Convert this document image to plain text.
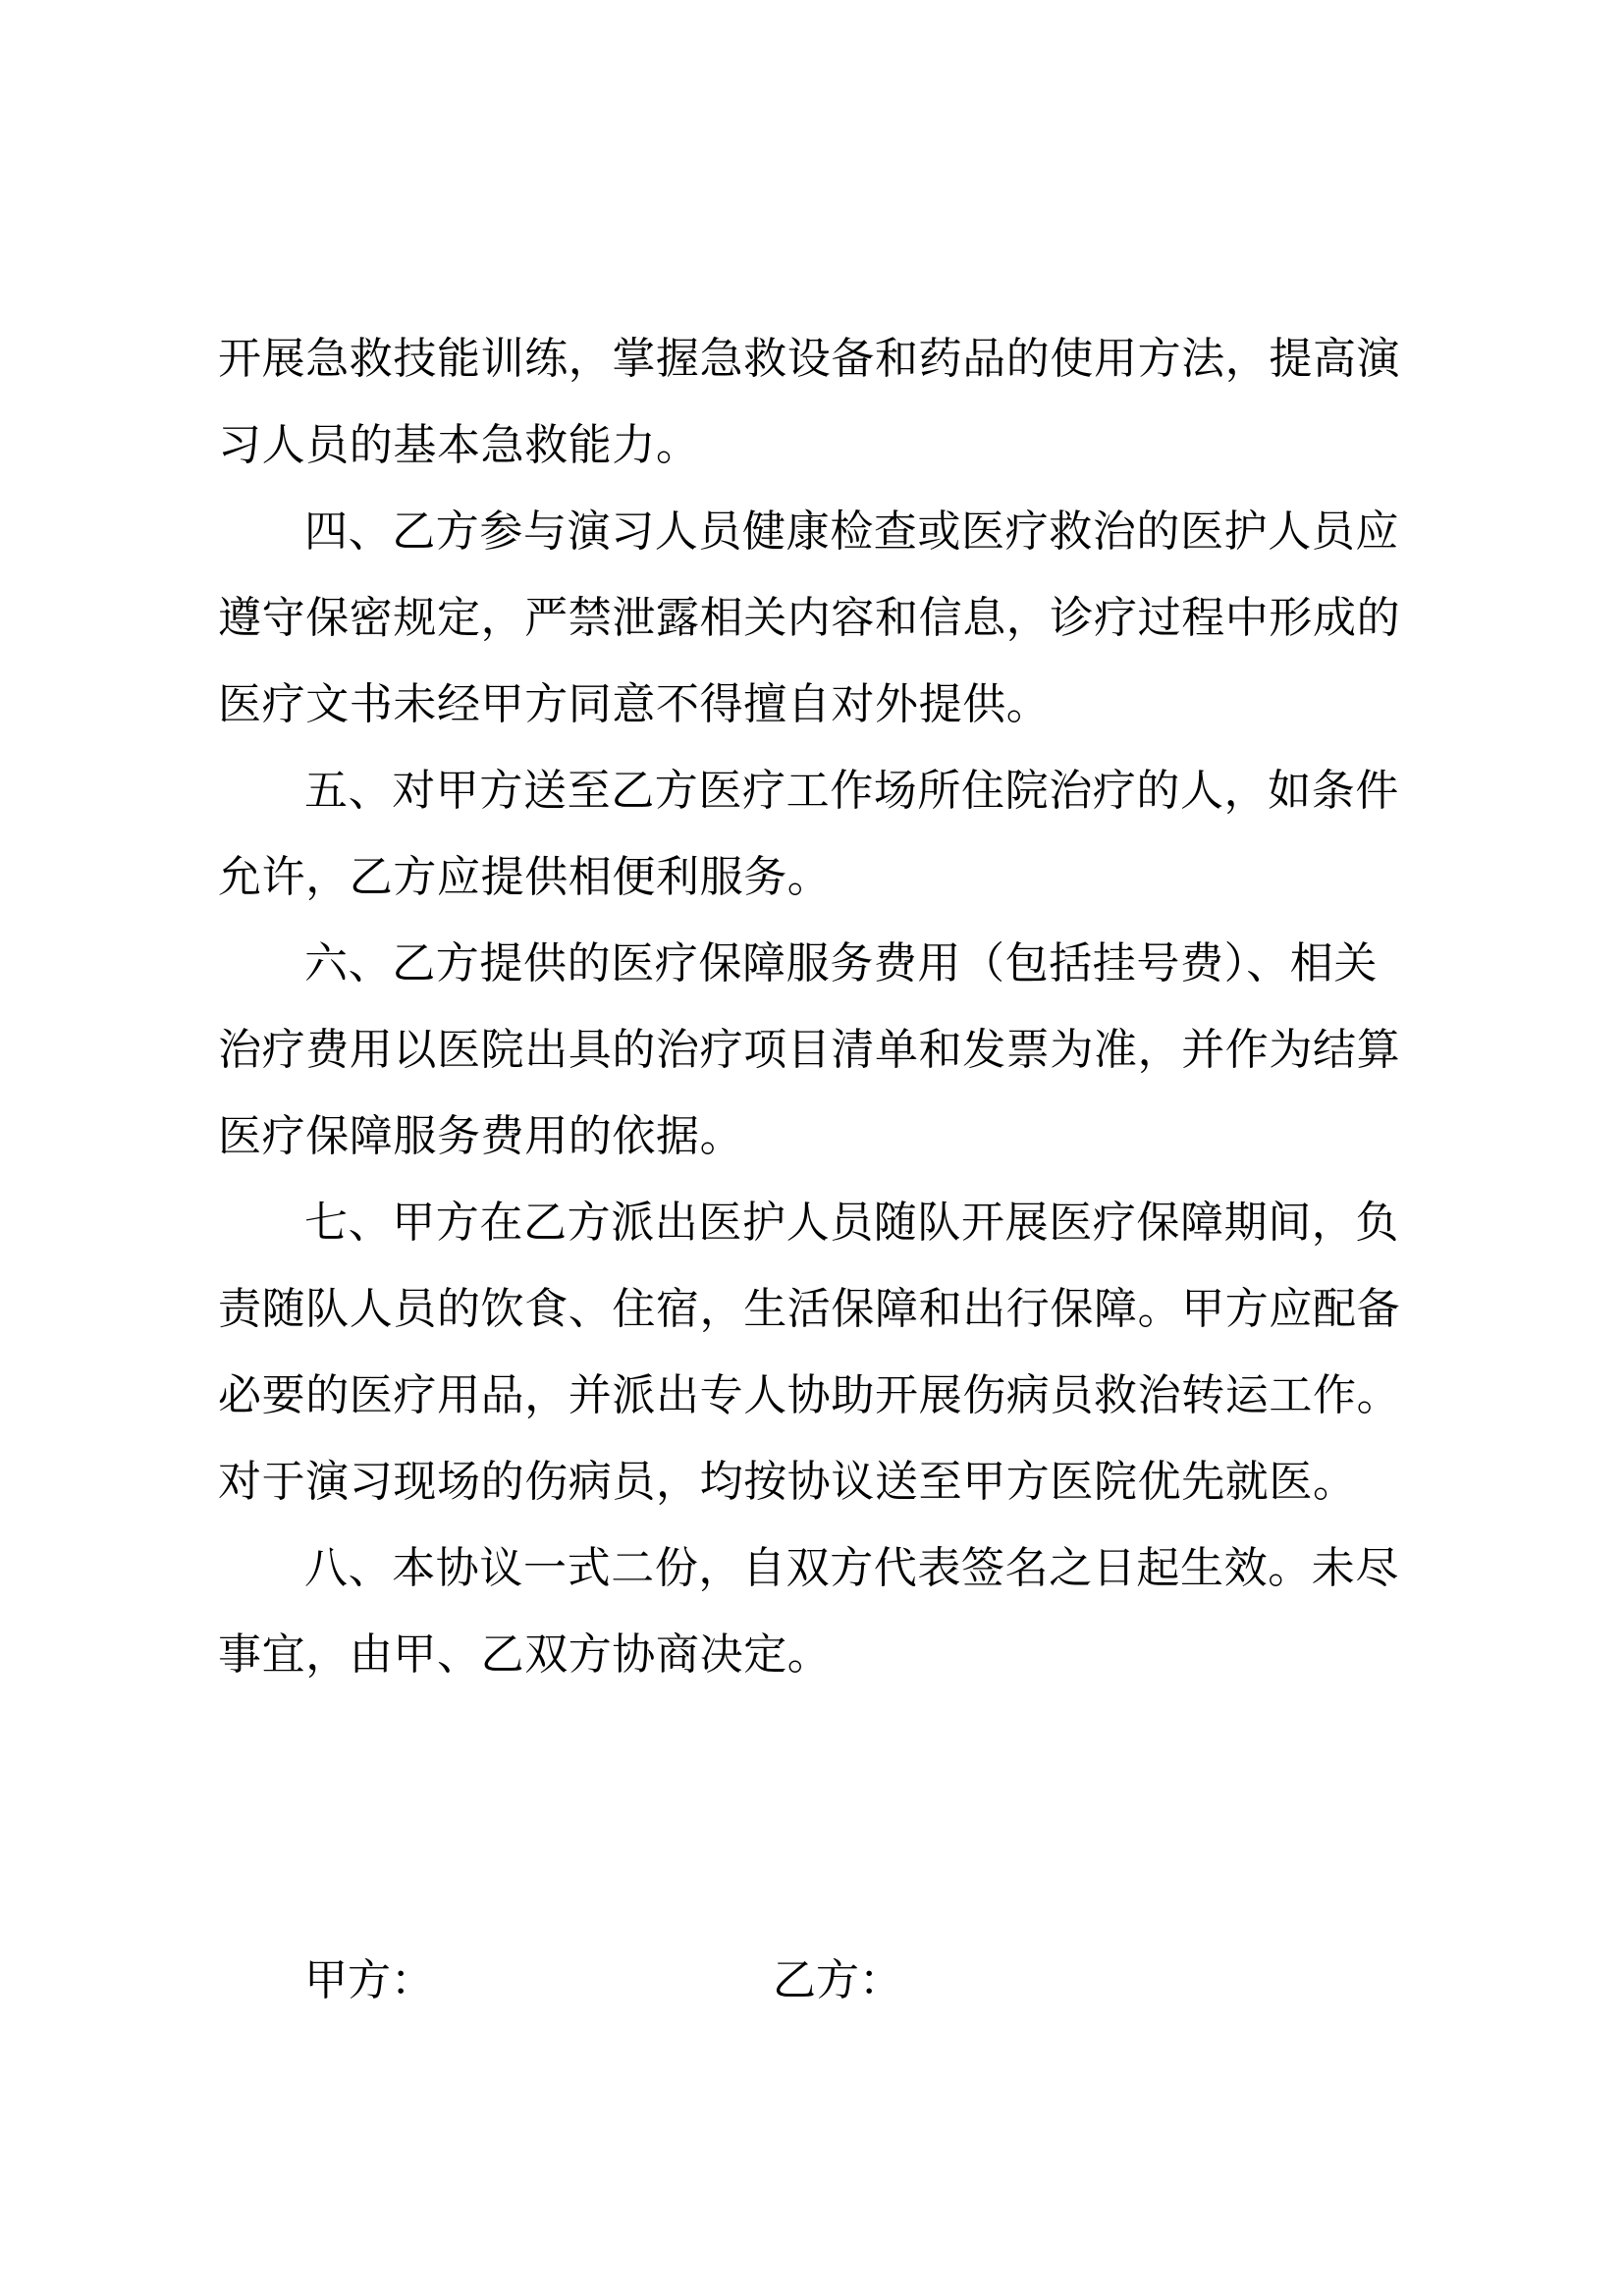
开展急救技能训练，掌握急救设备和药品的使用方法，提高演
习人员的基本急救能力。
四、乙方参与演习人员健康检查或医疗救治的医护人员应
遵守保密规定，严禁泄露相关内容和信息，诊疗过程中形成的
医疗文书未经甲方同意不得擅自对外提供。
五、对甲方送至乙方医疗工作场所住院治疗的人，如条件
允许，乙方应提供相便利服务。
六、乙方提供的医疗保障服务费用（包括挂号费）、相关
治疗费用以医院出具的治疗项目清单和发票为准，并作为结算
医疗保障服务费用的依据。
七、甲方在乙方派出医护人员随队开展医疗保障期间，负
责随队人员的饮食、住宿，生活保障和出行保障。甲方应配备
必要的医疗用品，并派出专人协助开展伤病员救治转运工作。
对于演习现场的伤病员，均按协议送至甲方医院优先就医。
八、本协议一式二份，自双方代表签名之日起生效。未尽
事宜，由甲、乙双方协商决定。
甲方：	乙方：
